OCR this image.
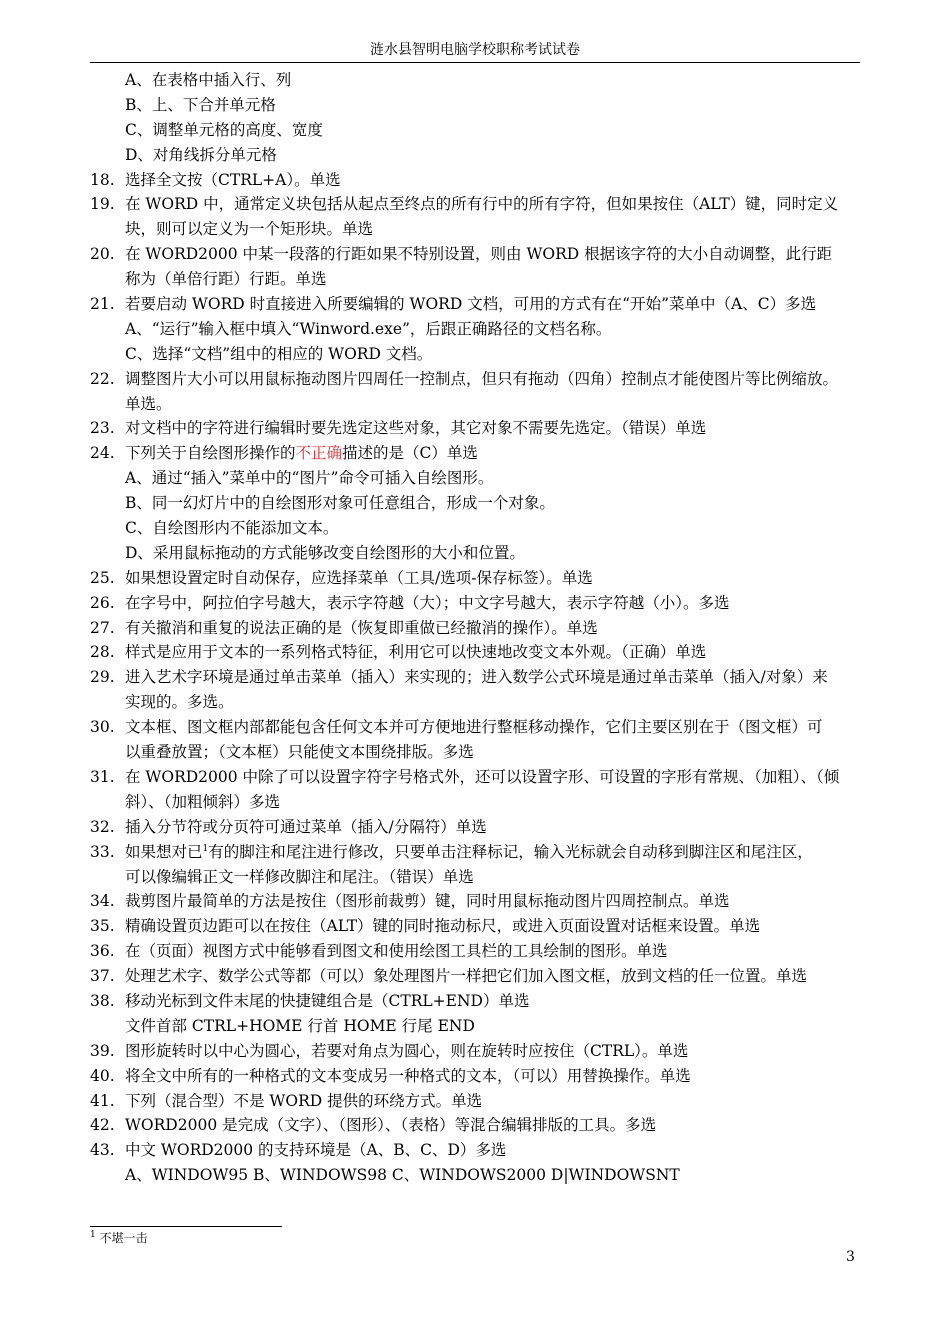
涟水县智明电脑学校职称考试试卷
A、在表格中插入行、列
B、上、下合并单元格
C、调整单元格的高度、宽度
D、对角线拆分单元格
18. 选择全文按（CTRL+A）。单选
19. 在 WORD 中，通常定义块包括从起点至终点的所有行中的所有字符，但如果按住（ALT）键，同时定义
块，则可以定义为一个矩形块。单选
20. 在 WORD2000 中某一段落的行距如果不特别设置，则由 WORD 根据该字符的大小自动调整，此行距
称为（单倍行距）行距。单选
21. 若要启动 WORD 时直接进入所要编辑的 WORD 文档，可用的方式有在“开始”菜单中（A、C）多选
A、“运行”输入框中填入“Winword.exe”，后跟正确路径的文档名称。
C、选择“文档”组中的相应的 WORD 文档。
22. 调整图片大小可以用鼠标拖动图片四周任一控制点，但只有拖动（四角）控制点才能使图片等比例缩放。
单选。
23. 对文档中的字符进行编辑时要先选定这些对象，其它对象不需要先选定。（错误）单选
24. 下列关于自绘图形操作的不正确描述的是（C）单选
A、通过“插入”菜单中的“图片”命令可插入自绘图形。
B、同一幻灯片中的自绘图形对象可任意组合，形成一个对象。
C、自绘图形内不能添加文本。
D、采用鼠标拖动的方式能够改变自绘图形的大小和位置。
25. 如果想设置定时自动保存，应选择菜单（工具/选项-保存标签）。单选
26. 在字号中，阿拉伯字号越大，表示字符越（大）；中文字号越大，表示字符越（小）。多选
27. 有关撤消和重复的说法正确的是（恢复即重做已经撤消的操作）。单选
28. 样式是应用于文本的一系列格式特征，利用它可以快速地改变文本外观。（正确）单选
29. 进入艺术字环境是通过单击菜单（插入）来实现的；进入数学公式环境是通过单击菜单（插入/对象）来
实现的。多选。
30. 文本框、图文框内部都能包含任何文本并可方便地进行整框移动操作，它们主要区别在于（图文框）可
以重叠放置；（文本框）只能使文本围绕排版。多选
31. 在 WORD2000 中除了可以设置字符字号格式外，还可以设置字形、可设置的字形有常规、（加粗）、（倾
斜）、（加粗倾斜）多选
32. 插入分节符或分页符可通过菜单（插入/分隔符）单选
33. 如果想对已$^1$有的脚注和尾注进行修改，只要单击注释标记，输入光标就会自动移到脚注区和尾注区，
可以像编辑正文一样修改脚注和尾注。（错误）单选
34. 裁剪图片最简单的方法是按住（图形前裁剪）键，同时用鼠标拖动图片四周控制点。单选
35. 精确设置页边距可以在按住（ALT）键的同时拖动标尺，或进入页面设置对话框来设置。单选
36. 在（页面）视图方式中能够看到图文和使用绘图工具栏的工具绘制的图形。单选
37. 处理艺术字、数学公式等都（可以）象处理图片一样把它们加入图文框，放到文档的任一位置。单选
38. 移动光标到文件末尾的快捷键组合是（CTRL+END）单选
文件首部 CTRL+HOME 行首 HOME 行尾 END
39. 图形旋转时以中心为圆心，若要对角点为圆心，则在旋转时应按住（CTRL）。单选
40. 将全文中所有的一种格式的文本变成另一种格式的文本，（可以）用替换操作。单选
41. 下列（混合型）不是 WORD 提供的环绕方式。单选
42. WORD2000 是完成（文字）、（图形）、（表格）等混合编辑排版的工具。多选
43. 中文 WORD2000 的支持环境是（A、B、C、D）多选
A、WINDOW95 B、WINDOWS98 C、WINDOWS2000 D|WINDOWSNT
$^1$ 不堪一击
3
